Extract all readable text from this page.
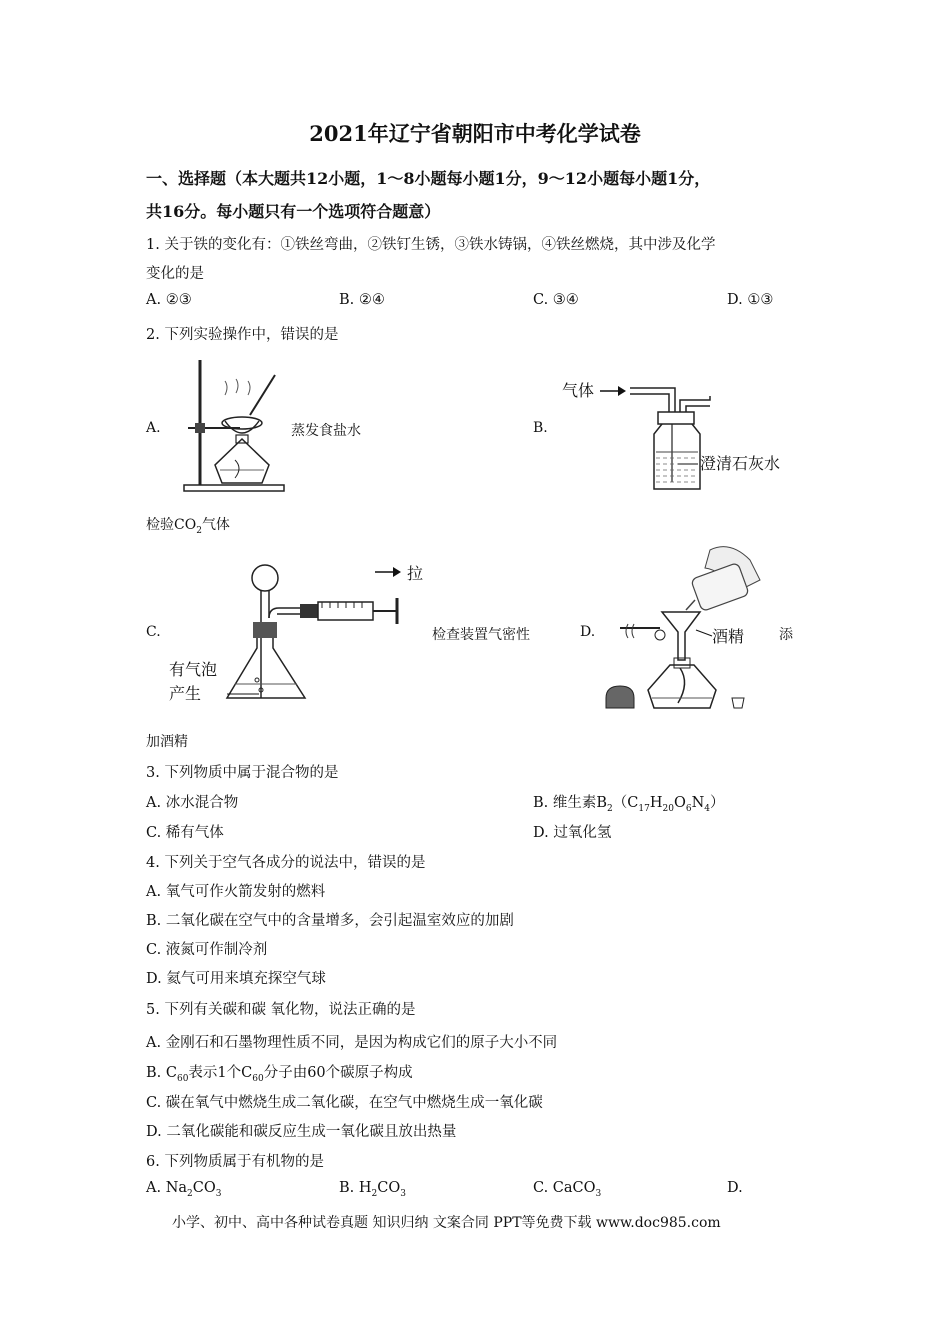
2021年辽宁省朝阳市中考化学试卷
一、选择题（本大题共12小题，1～8小题每小题1分，9～12小题每小题1分，
共16分。每小题只有一个选项符合题意）
1. 关于铁的变化有：①铁丝弯曲，②铁钉生锈，③铁水铸锅，④铁丝燃烧，其中涉及化学
变化的是
A. ②③	B. ②④	C. ③④	D. ①③
2. 下列实验操作中，错误的是
A.	蒸发食盐水	B.
气体
澄清石灰水
检验$CO_2$气体
C.
拉
有气泡
产生
检查装置气密性	D.	酒精 添
加酒精
3. 下列物质中属于混合物的是
A. 冰水混合物	B. 维生素$B_2(C_{17}H_{20}O_6N_4)$
C. 稀有气体	D. 过氧化氢
4. 下列关于空气各成分的说法中，错误的是
A. 氧气可作火箭发射的燃料
B. 二氧化碳在空气中的含量增多，会引起温室效应的加剧
C. 液氮可作制冷剂
D. 氦气可用来填充探空气球
5. 下列有关碳和碳 氧化物，说法正确的是
A. 金刚石和石墨物理性质不同，是因为构成它们的原子大小不同
B. $C_{60}$表示1个$C_{60}$分子由60个碳原子构成
C. 碳在氧气中燃烧生成二氧化碳，在空气中燃烧生成一氧化碳
D. 二氧化碳能和碳反应生成一氧化碳且放出热量
6. 下列物质属于有机物的是
A. $Na_2CO_3$	B. $H_2CO_3$	C. CaCO$_3$	D.
小学、初中、高中各种试卷真题 知识归纳 文案合同 PPT等免费下载 www.doc985.com
